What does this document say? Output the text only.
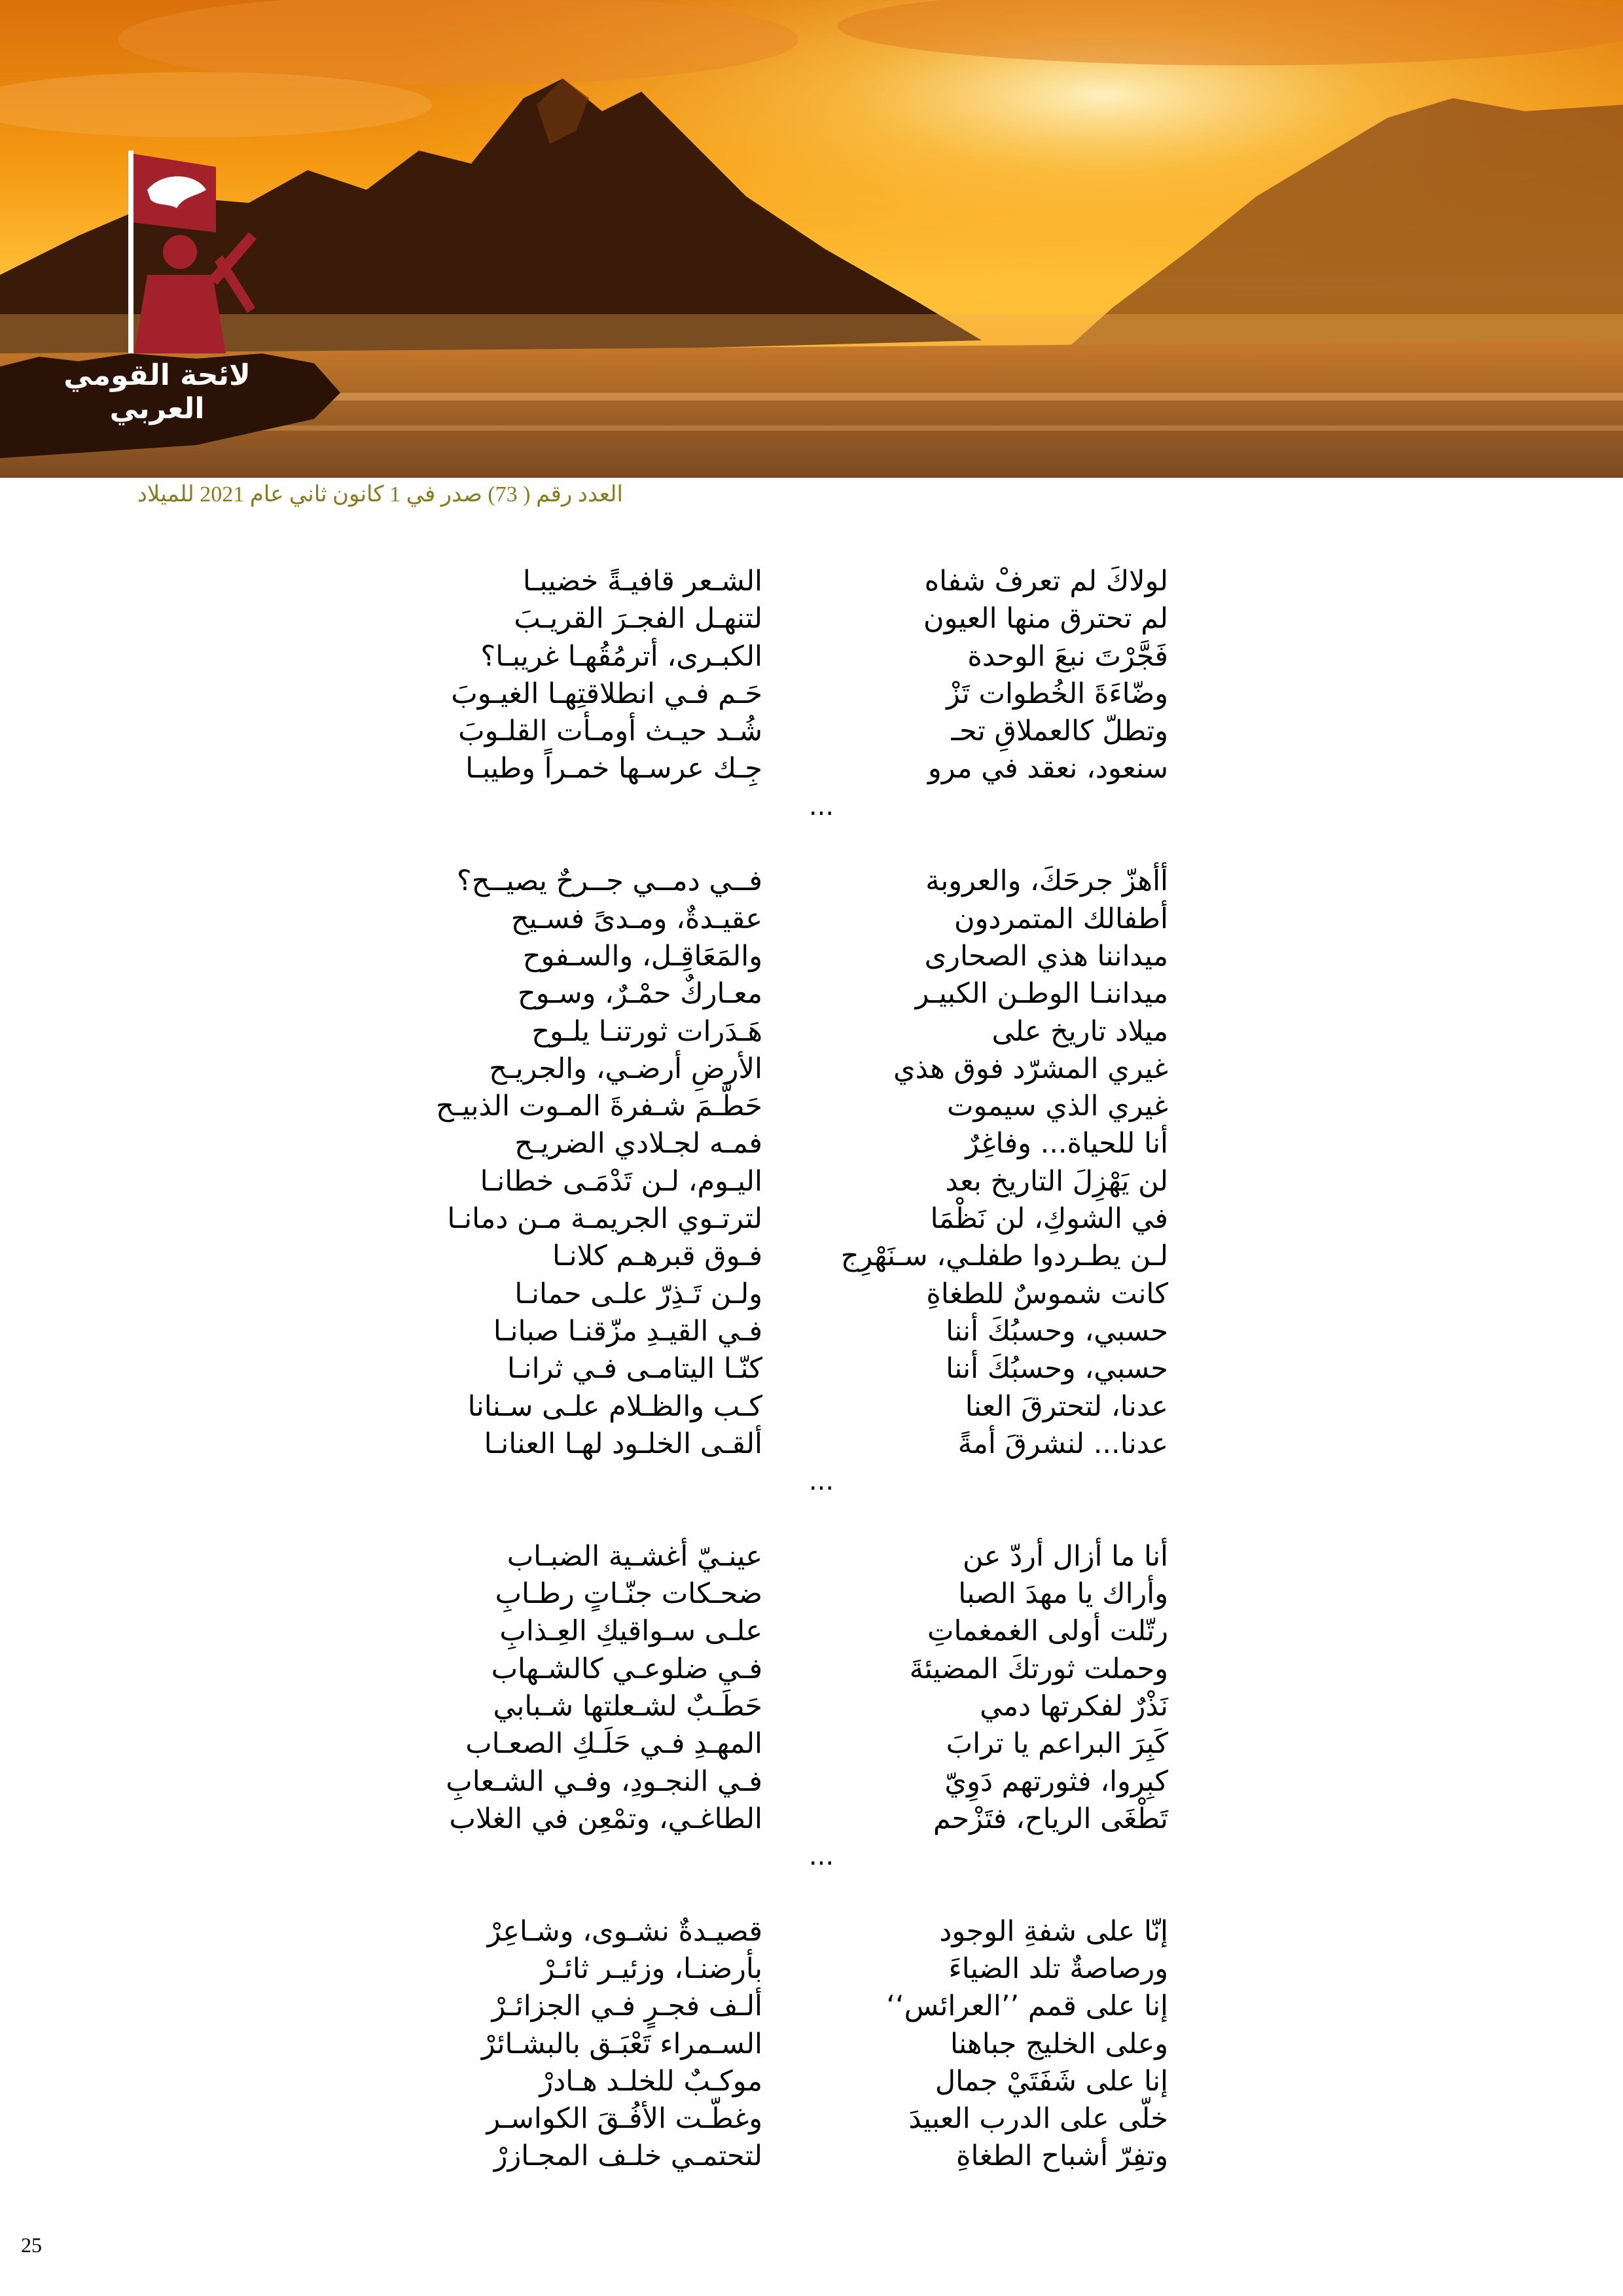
لائحة القومي العربي
العدد رقم ( 73) صدر في 1 كانون ثاني عام 2021 للميلاد
لولاكَ لم تعرفْ شفاه
الشـعر قافيـةً خضيبـا
لم تحترق منها العيون
لتنهـل الفجـرَ القريـبَ
فَجَّرْتَ نبعَ الوحدة
الكبـرى، أترمُقُهـا غريبـا؟
وضّاءَةَ الخُطوات تَزْ
حَـم فـي انطلاقتِهـا الغيـوبَ
وتطلّ كالعملاقِ تحـ
شُـد حيـث أومـأت القلـوبَ
سنعود، نعقد في مرو
جِـك عرسـها خمـراً وطيبـا
...
أأهزّ جرحَكَ، والعروبة
فــي دمــي جــرحٌ يصيــح؟
أطفالك المتمردون
عقيـدةٌ، ومـدىً فسـيح
ميداننا هذي الصحارى
والمَعَاقِـل، والسـفوح
ميداننـا الوطـن الكبيـر
معـاركٌ حمْـرٌ، وسـوح
ميلاد تاريخ على
هَـدَرات ثورتنـا يلـوح
غيري المشرّد فوق هذي
الأرضِ أرضـي، والجريـح
غيري الذي سيموت
حَطَّـمَ شـفرةَ المـوت الذبيـح
أنا للحياة... وفاغِرٌ
فمـه لجـلادي الضريـح
لن يَهْزِلَ التاريخ بعد
اليـوم، لـن تَدْمَـى خطانـا
في الشوكِ، لن نَظْمَا
لترتـوي الجريمـة مـن دمانـا
لـن يطـردوا طفلـي، سـنَهْرِج
فـوق قبرهـم كلانـا
كانت شموسٌ للطغاةِ
ولـن تَـذِرّ علـى حمانـا
حسبي، وحسبُكَ أننا
فـي القيـدِ مزّقنـا صبانـا
حسبي، وحسبُكَ أننا
كنّـا اليتامـى فـي ثرانـا
عدنا، لتحترقَ العنا
كـب والظـلام علـى سـنانا
عدنا... لنشرقَ أمةً
ألقـى الخلـود لهـا العنانـا
...
أنا ما أزال أردّ عن
عينـيّ أغشـية الضبـاب
وأراك يا مهدَ الصبا
ضحـكات جنّـاتٍ رطـابِ
رتّلت أولى الغمغماتِ
علـى سـواقيكِ العِـذابِ
وحملت ثورتكَ المضيئةَ
فـي ضلوعـي كالشـهاب
نَذْرٌ لفكرتها دمي
حَطَـبٌ لشـعلتها شـبابي
كَبِرَ البراعم يا ترابَ
المهـدِ فـي حَلَـكِ الصعـاب
كبِروا، فثورتهم دَوِيّ
فـي النجـودِ، وفـي الشـعابِ
تَطْغَى الرياح، فتَزْحم
الطاغـي، وتمْعِن في الغلاب
...
إنّا على شفةِ الوجود
قصيـدةٌ نشـوى، وشـاعِرْ
ورصاصةٌ تلد الضياءَ
بأرضنـا، وزئيـر ثائـرْ
إنا على قمم ’’العرائس‘‘
ألـف فجـرٍ فـي الجزائـرْ
وعلى الخليج جباهنا
السـمراء تَعْبَـق بالبشـائرْ
إنا على شَفَتَيْ جمال
موكـبٌ للخلـد هـادرْ
خلّى على الدرب العبيدَ
وغطّـت الأفُـقَ الكواسـر
وتفِرّ أشباح الطغاةِ
لتحتمـي خلـف المجـازرْ
25
